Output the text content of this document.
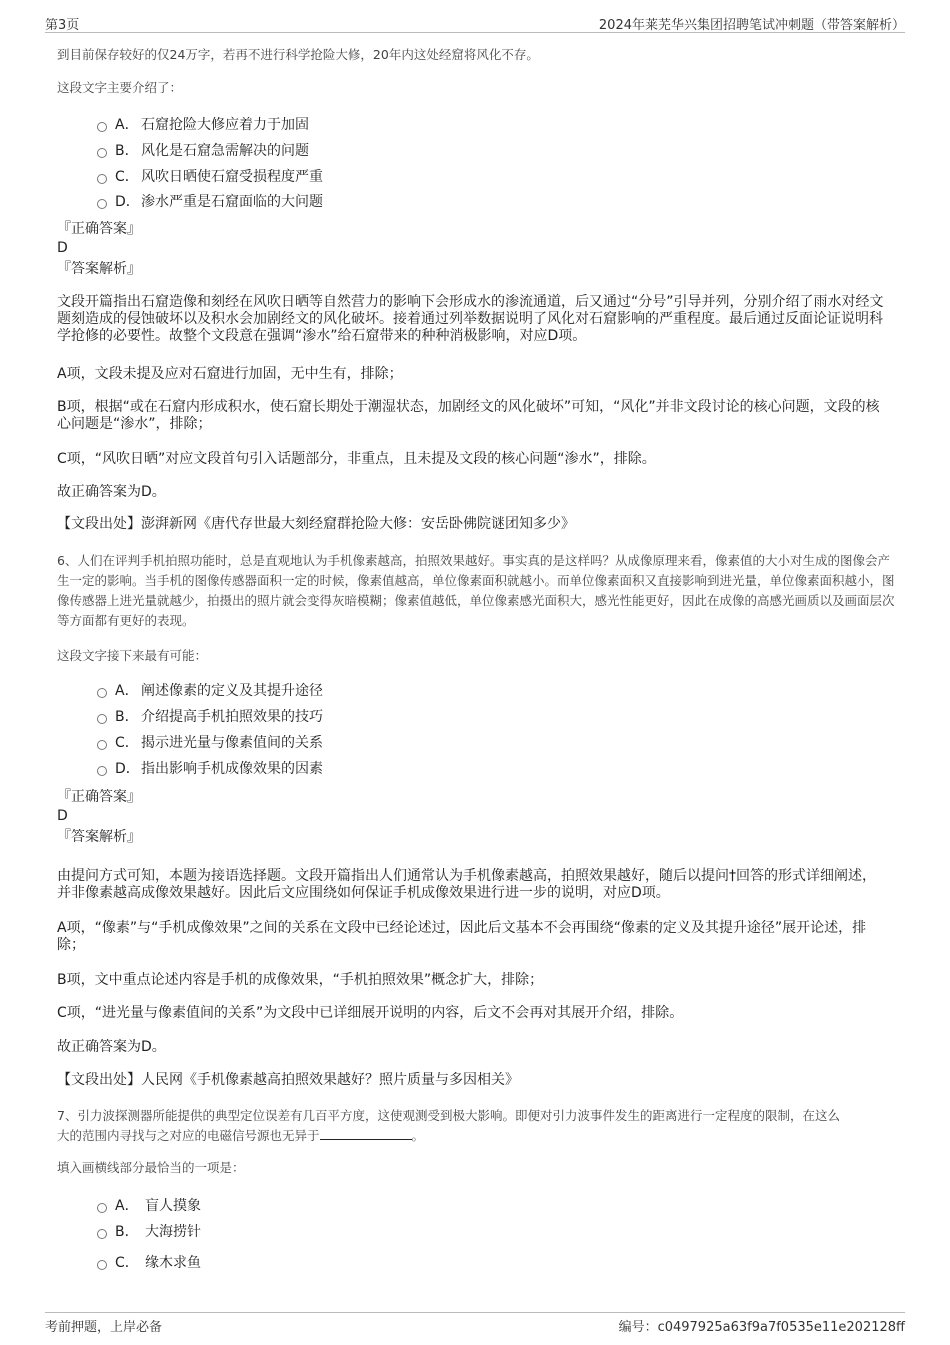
第3页	2024年莱芜华兴集团招聘笔试冲刺题（带答案解析）
到目前保存较好的仅24万字，若再不进行科学抢险大修，20年内这处经窟将风化不存。
这段文字主要介绍了：
A． 石窟抢险大修应着力于加固
B． 风化是石窟急需解决的问题
C． 风吹日晒使石窟受损程度严重
D．渗水严重是石窟面临的大问题
『正确答案』
D
『答案解析』
文段开篇指出石窟造像和刻经在风吹日晒等自然营力的影响下会形成水的渗流通道，后又通过“分号”引导并列，分别介绍了雨水对经文题刻造成的侵蚀破坏以及积水会加剧经文的风化破坏。接着通过列举数据说明了风化对石窟影响的严重程度。最后通过反面论证说明科学抢修的必要性。故整个文段意在强调“渗水”给石窟带来的种种消极影响，对应D项。
A项，文段未提及应对石窟进行加固，无中生有，排除；
B项，根据“或在石窟内形成积水，使石窟长期处于潮湿状态，加剧经文的风化破坏”可知，“风化”并非文段讨论的核心问题，文段的核心问题是“渗水”，排除；
C项，“风吹日晒”对应文段首句引入话题部分，非重点，且未提及文段的核心问题“渗水”，排除。
故正确答案为D。
【文段出处】澎湃新网《唐代存世最大刻经窟群抢险大修：安岳卧佛院谜团知多少》
6、人们在评判手机拍照功能时，总是直观地认为手机像素越高，拍照效果越好。事实真的是这样吗？从成像原理来看，像素值的大小对生成的图像会产生一定的影响。当手机的图像传感器面积一定的时候，像素值越高，单位像素面积就越小。而单位像素面积又直接影响到进光量，单位像素面积越小，图像传感器上进光量就越少，拍摄出的照片就会变得灰暗模糊；像素值越低，单位像素感光面积大，感光性能更好，因此在成像的高感光画质以及画面层次等方面都有更好的表现。
这段文字接下来最有可能：
A． 阐述像素的定义及其提升途径
B． 介绍提高手机拍照效果的技巧
C． 揭示进光量与像素值间的关系
D．指出影响手机成像效果的因素
『正确答案』
D
『答案解析』
由提问方式可知，本题为接语选择题。文段开篇指出人们通常认为手机像素越高，拍照效果越好，随后以提问†回答的形式详细阐述，并非像素越高成像效果越好。因此后文应围绕如何保证手机成像效果进行进一步的说明，对应D项。
A项，“像素”与“手机成像效果”之间的关系在文段中已经论述过，因此后文基本不会再围绕“像素的定义及其提升途径”展开论述，排除；
B项，文中重点论述内容是手机的成像效果，“手机拍照效果”概念扩大，排除；
C项，“进光量与像素值间的关系”为文段中已详细展开说明的内容，后文不会再对其展开介绍，排除。
故正确答案为D。
【文段出处】人民网《手机像素越高拍照效果越好？照片质量与多因相关》
7、引力波探测器所能提供的典型定位误差有几百平方度，这使观测受到极大影响。即便对引力波事件发生的距离进行一定程度的限制，在这么
大的范围内寻找与之对应的电磁信号源也无异于	。
填入画横线部分最恰当的一项是：
A． 盲人摸象
B． 大海捞针
C． 缘木求鱼
考前押题，上岸必备	编号：c0497925a63f9a7f0535e11e202128ff
